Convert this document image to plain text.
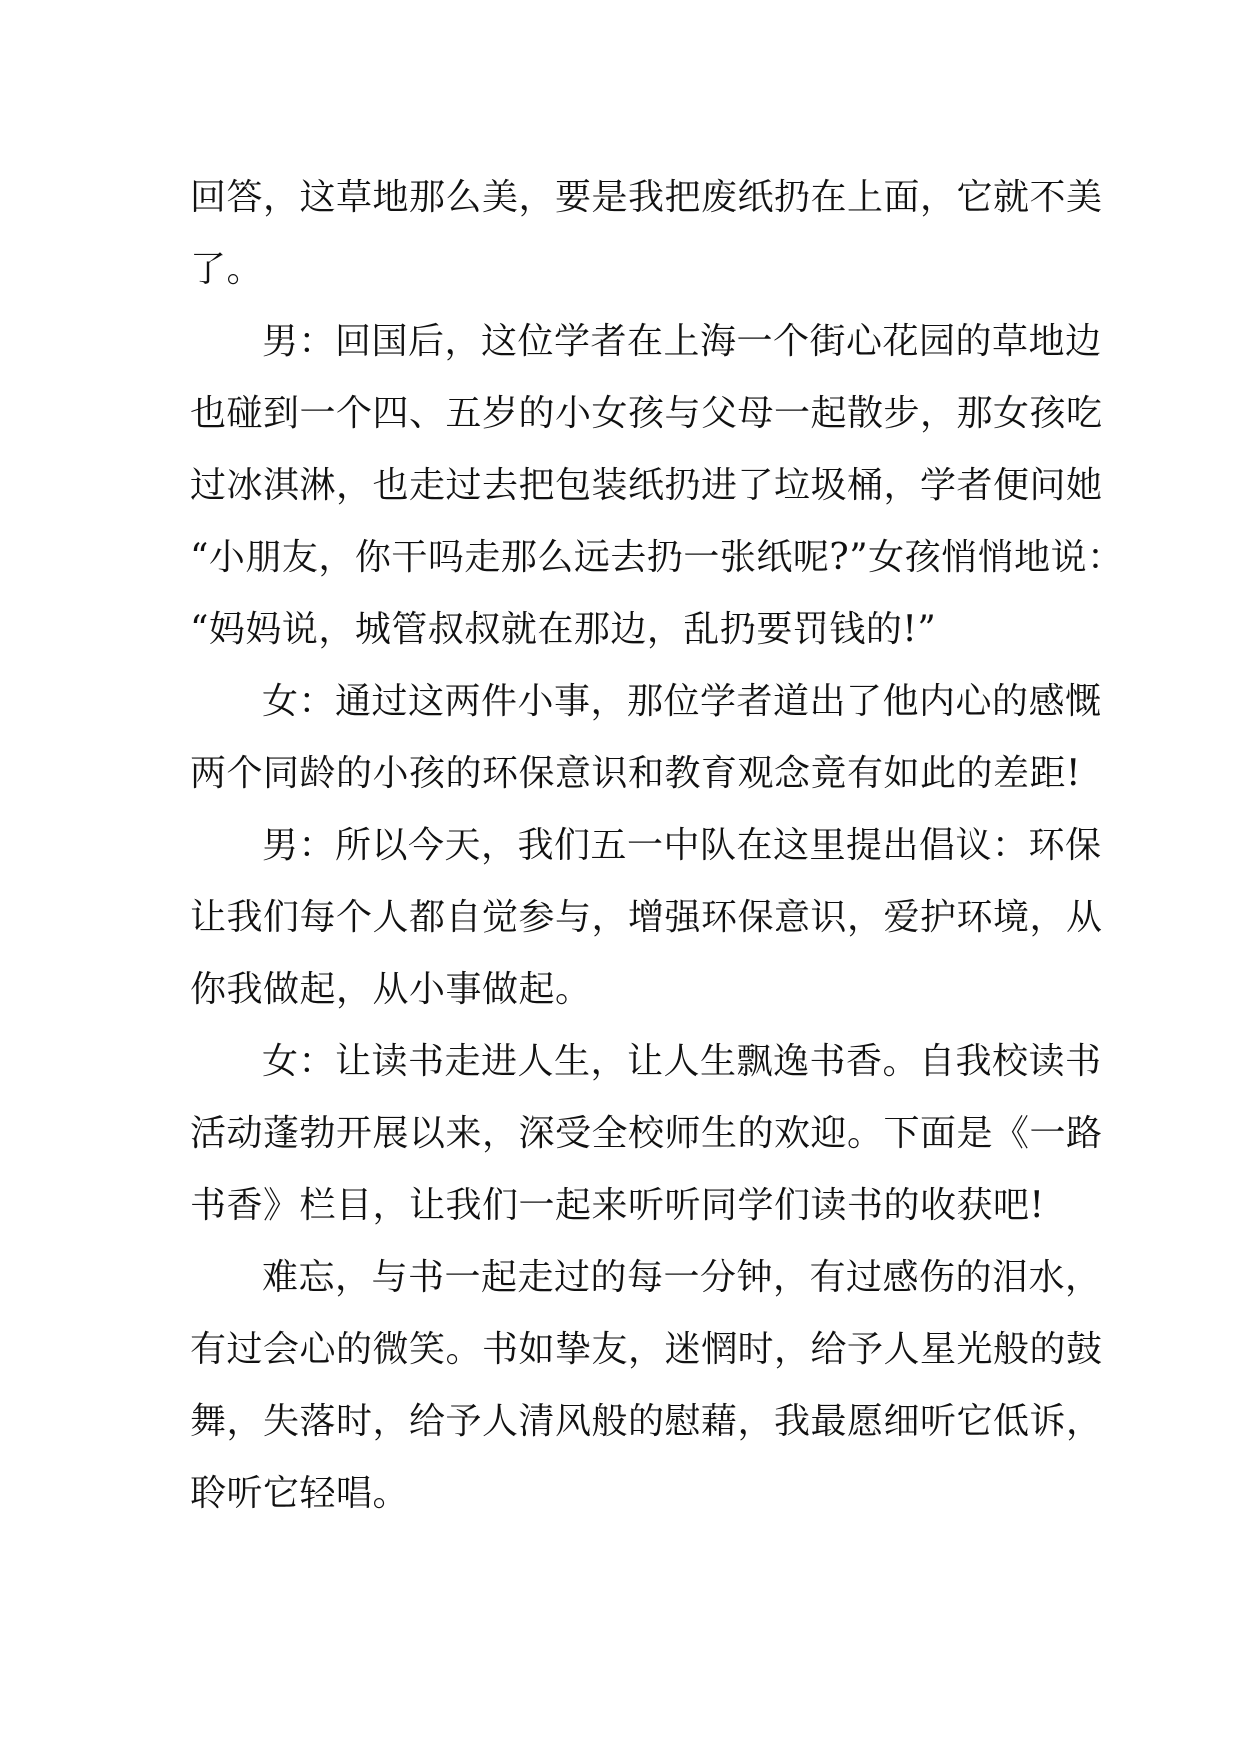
回答，这草地那么美，要是我把废纸扔在上面，它就不美
了。
男：回国后，这位学者在上海一个街心花园的草地边
也碰到一个四、五岁的小女孩与父母一起散步，那女孩吃
过冰淇淋，也走过去把包装纸扔进了垃圾桶，学者便问她
“小朋友，你干吗走那么远去扔一张纸呢?”女孩悄悄地说：
“妈妈说，城管叔叔就在那边，乱扔要罚钱的!”
女：通过这两件小事，那位学者道出了他内心的感慨
两个同龄的小孩的环保意识和教育观念竟有如此的差距!
男：所以今天，我们五一中队在这里提出倡议：环保
让我们每个人都自觉参与，增强环保意识，爱护环境，从
你我做起，从小事做起。
女：让读书走进人生，让人生飘逸书香。自我校读书
活动蓬勃开展以来，深受全校师生的欢迎。下面是《一路
书香》栏目，让我们一起来听听同学们读书的收获吧!
难忘，与书一起走过的每一分钟，有过感伤的泪水，
有过会心的微笑。书如挚友，迷惘时，给予人星光般的鼓
舞，失落时，给予人清风般的慰藉，我最愿细听它低诉，
聆听它轻唱。
